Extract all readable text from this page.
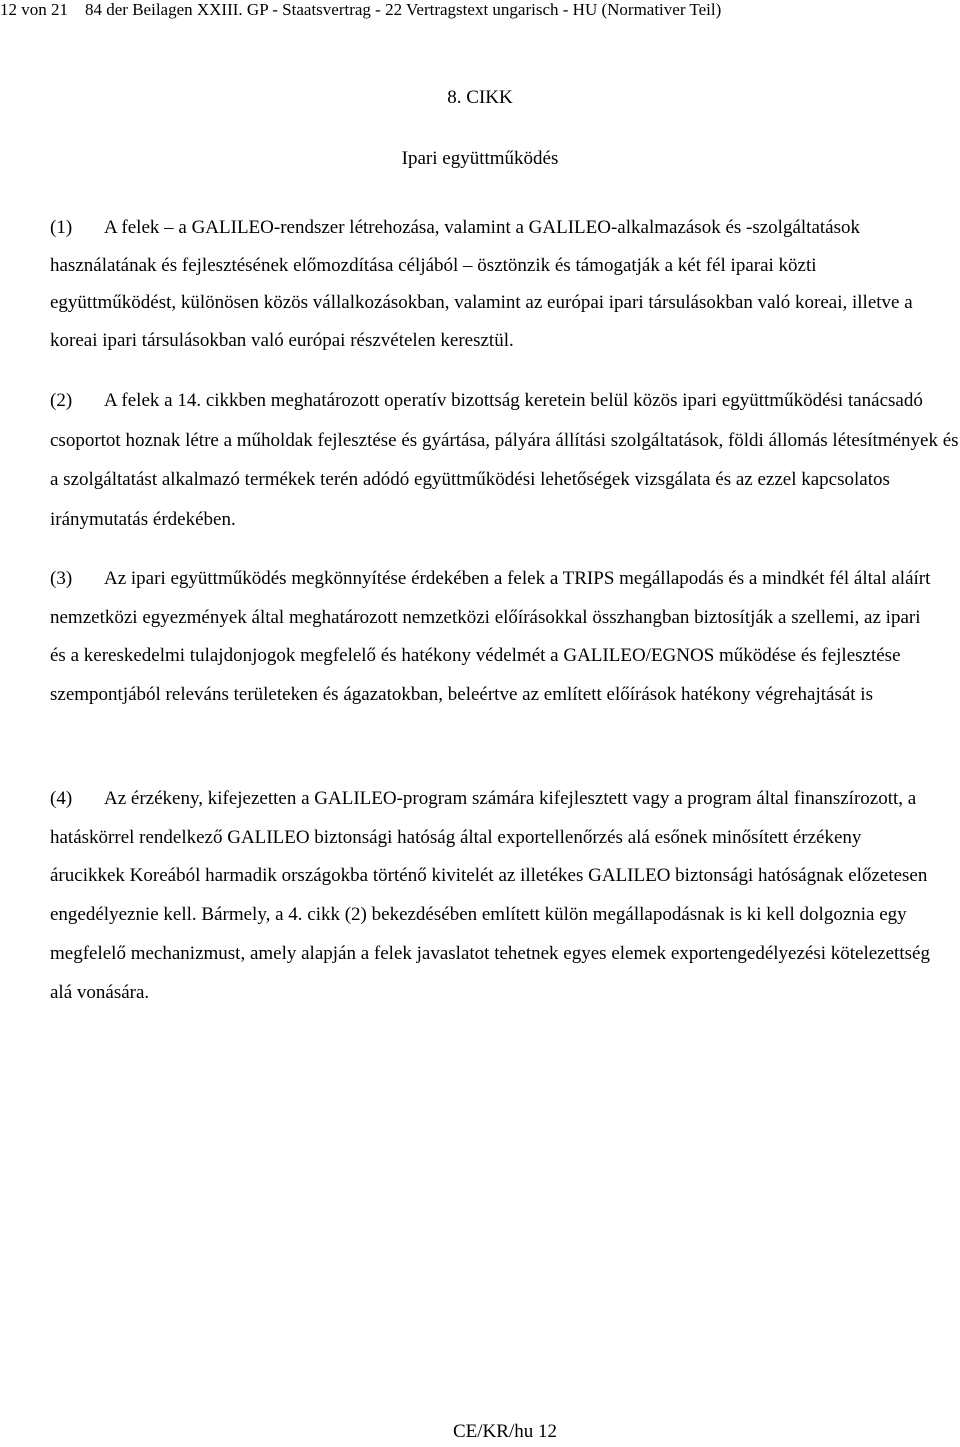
12 von 21 84 der Beilagen XXIII. GP - Staatsvertrag - 22 Vertragstext ungarisch - HU (Normativer Teil)
8. CIKK
Ipari együttműködés

(1) A felek – a GALILEO-rendszer létrehozása, valamint a GALILEO-alkalmazások és -szolgáltatások használatának és fejlesztésének előmozdítása céljából – ösztönzik és támogatják a két fél iparai közti együttműködést, különösen közös vállalkozásokban, valamint az európai ipari társulásokban való koreai, illetve a koreai ipari társulásokban való európai részvételen keresztül.

(2) A felek a 14. cikkben meghatározott operatív bizottság keretein belül közös ipari együttműködési tanácsadó csoportot hoznak létre a műholdak fejlesztése és gyártása, pályára állítási szolgáltatások, földi állomás létesítmények és a szolgáltatást alkalmazó termékek terén adódó együttműködési lehetőségek vizsgálata és az ezzel kapcsolatos iránymutatás érdekében.

(3) Az ipari együttműködés megkönnyítése érdekében a felek a TRIPS megállapodás és a mindkét fél által aláírt nemzetközi egyezmények által meghatározott nemzetközi előírásokkal összhangban biztosítják a szellemi, az ipari és a kereskedelmi tulajdonjogok megfelelő és hatékony védelmét a GALILEO/EGNOS működése és fejlesztése szempontjából releváns területeken és ágazatokban, beleértve az említett előírások hatékony végrehajtását is

(4) Az érzékeny, kifejezetten a GALILEO-program számára kifejlesztett vagy a program által finanszírozott, a hatáskörrel rendelkező GALILEO biztonsági hatóság által exportellenőrzés alá esőnek minősített érzékeny árucikkek Koreából harmadik országokba történő kivitelét az illetékes GALILEO biztonsági hatóságnak előzetesen engedélyeznie kell. Bármely, a 4. cikk (2) bekezdésében említett külön megállapodásnak is ki kell dolgoznia egy megfelelő mechanizmust, amely alapján a felek javaslatot tehetnek egyes elemek exportengedélyezési kötelezettség alá vonására.

CE/KR/hu 12
